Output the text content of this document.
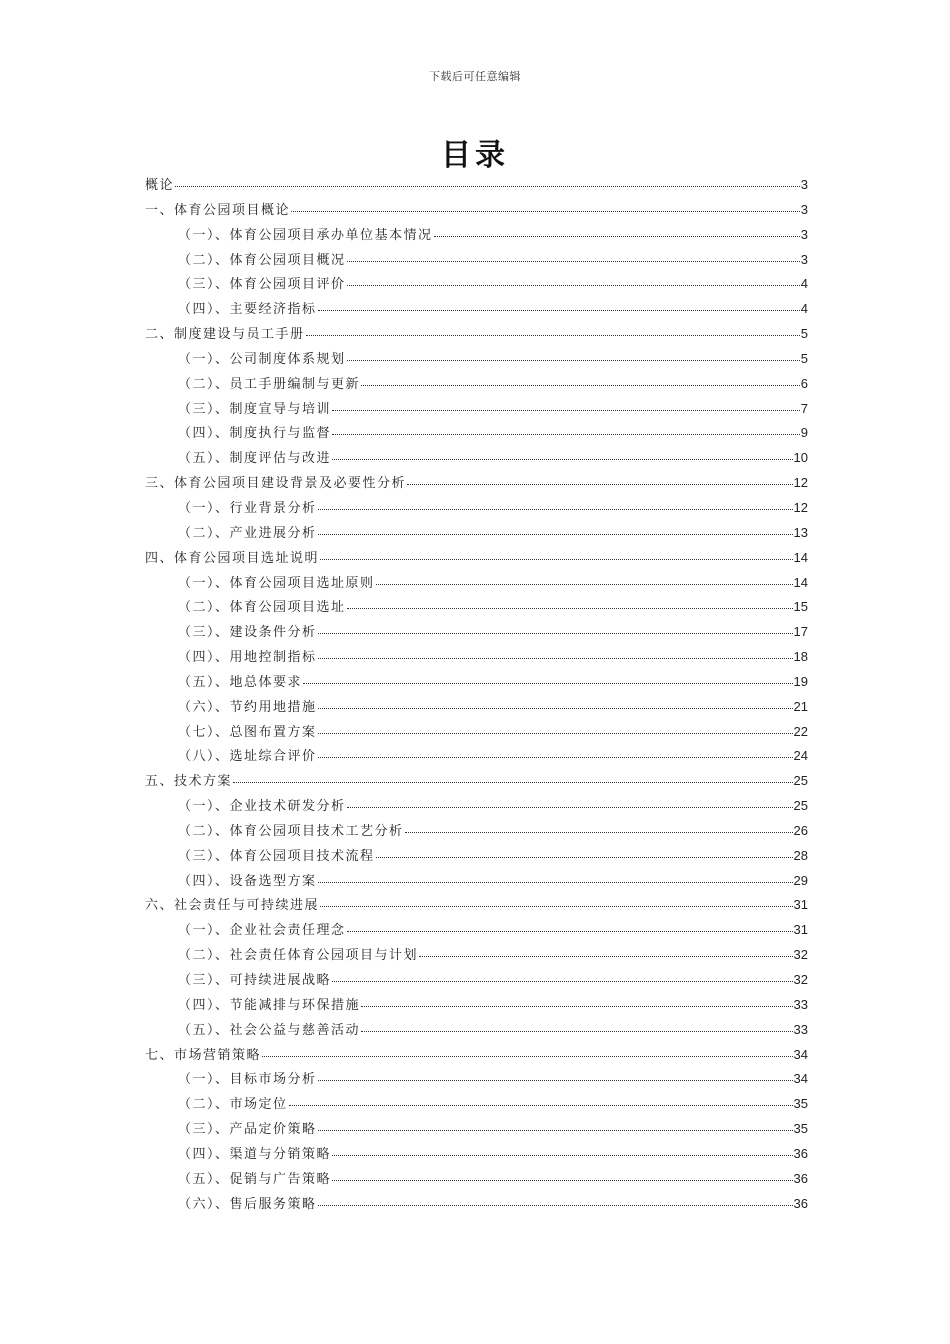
下载后可任意编辑
目录
概论	3
一、体育公园项目概论	3
（一）、体育公园项目承办单位基本情况	3
（二）、体育公园项目概况	3
（三）、体育公园项目评价	4
（四）、主要经济指标	4
二、制度建设与员工手册	5
（一）、公司制度体系规划	5
（二）、员工手册编制与更新	6
（三）、制度宣导与培训	7
（四）、制度执行与监督	9
（五）、制度评估与改进	10
三、体育公园项目建设背景及必要性分析	12
（一）、行业背景分析	12
（二）、产业进展分析	13
四、体育公园项目选址说明	14
（一）、体育公园项目选址原则	14
（二）、体育公园项目选址	15
（三）、建设条件分析	17
（四）、用地控制指标	18
（五）、地总体要求	19
（六）、节约用地措施	21
（七）、总图布置方案	22
（八）、选址综合评价	24
五、技术方案	25
（一）、企业技术研发分析	25
（二）、体育公园项目技术工艺分析	26
（三）、体育公园项目技术流程	28
（四）、设备选型方案	29
六、社会责任与可持续进展	31
（一）、企业社会责任理念	31
（二）、社会责任体育公园项目与计划	32
（三）、可持续进展战略	32
（四）、节能减排与环保措施	33
（五）、社会公益与慈善活动	33
七、市场营销策略	34
（一）、目标市场分析	34
（二）、市场定位	35
（三）、产品定价策略	35
（四）、渠道与分销策略	36
（五）、促销与广告策略	36
（六）、售后服务策略	36
